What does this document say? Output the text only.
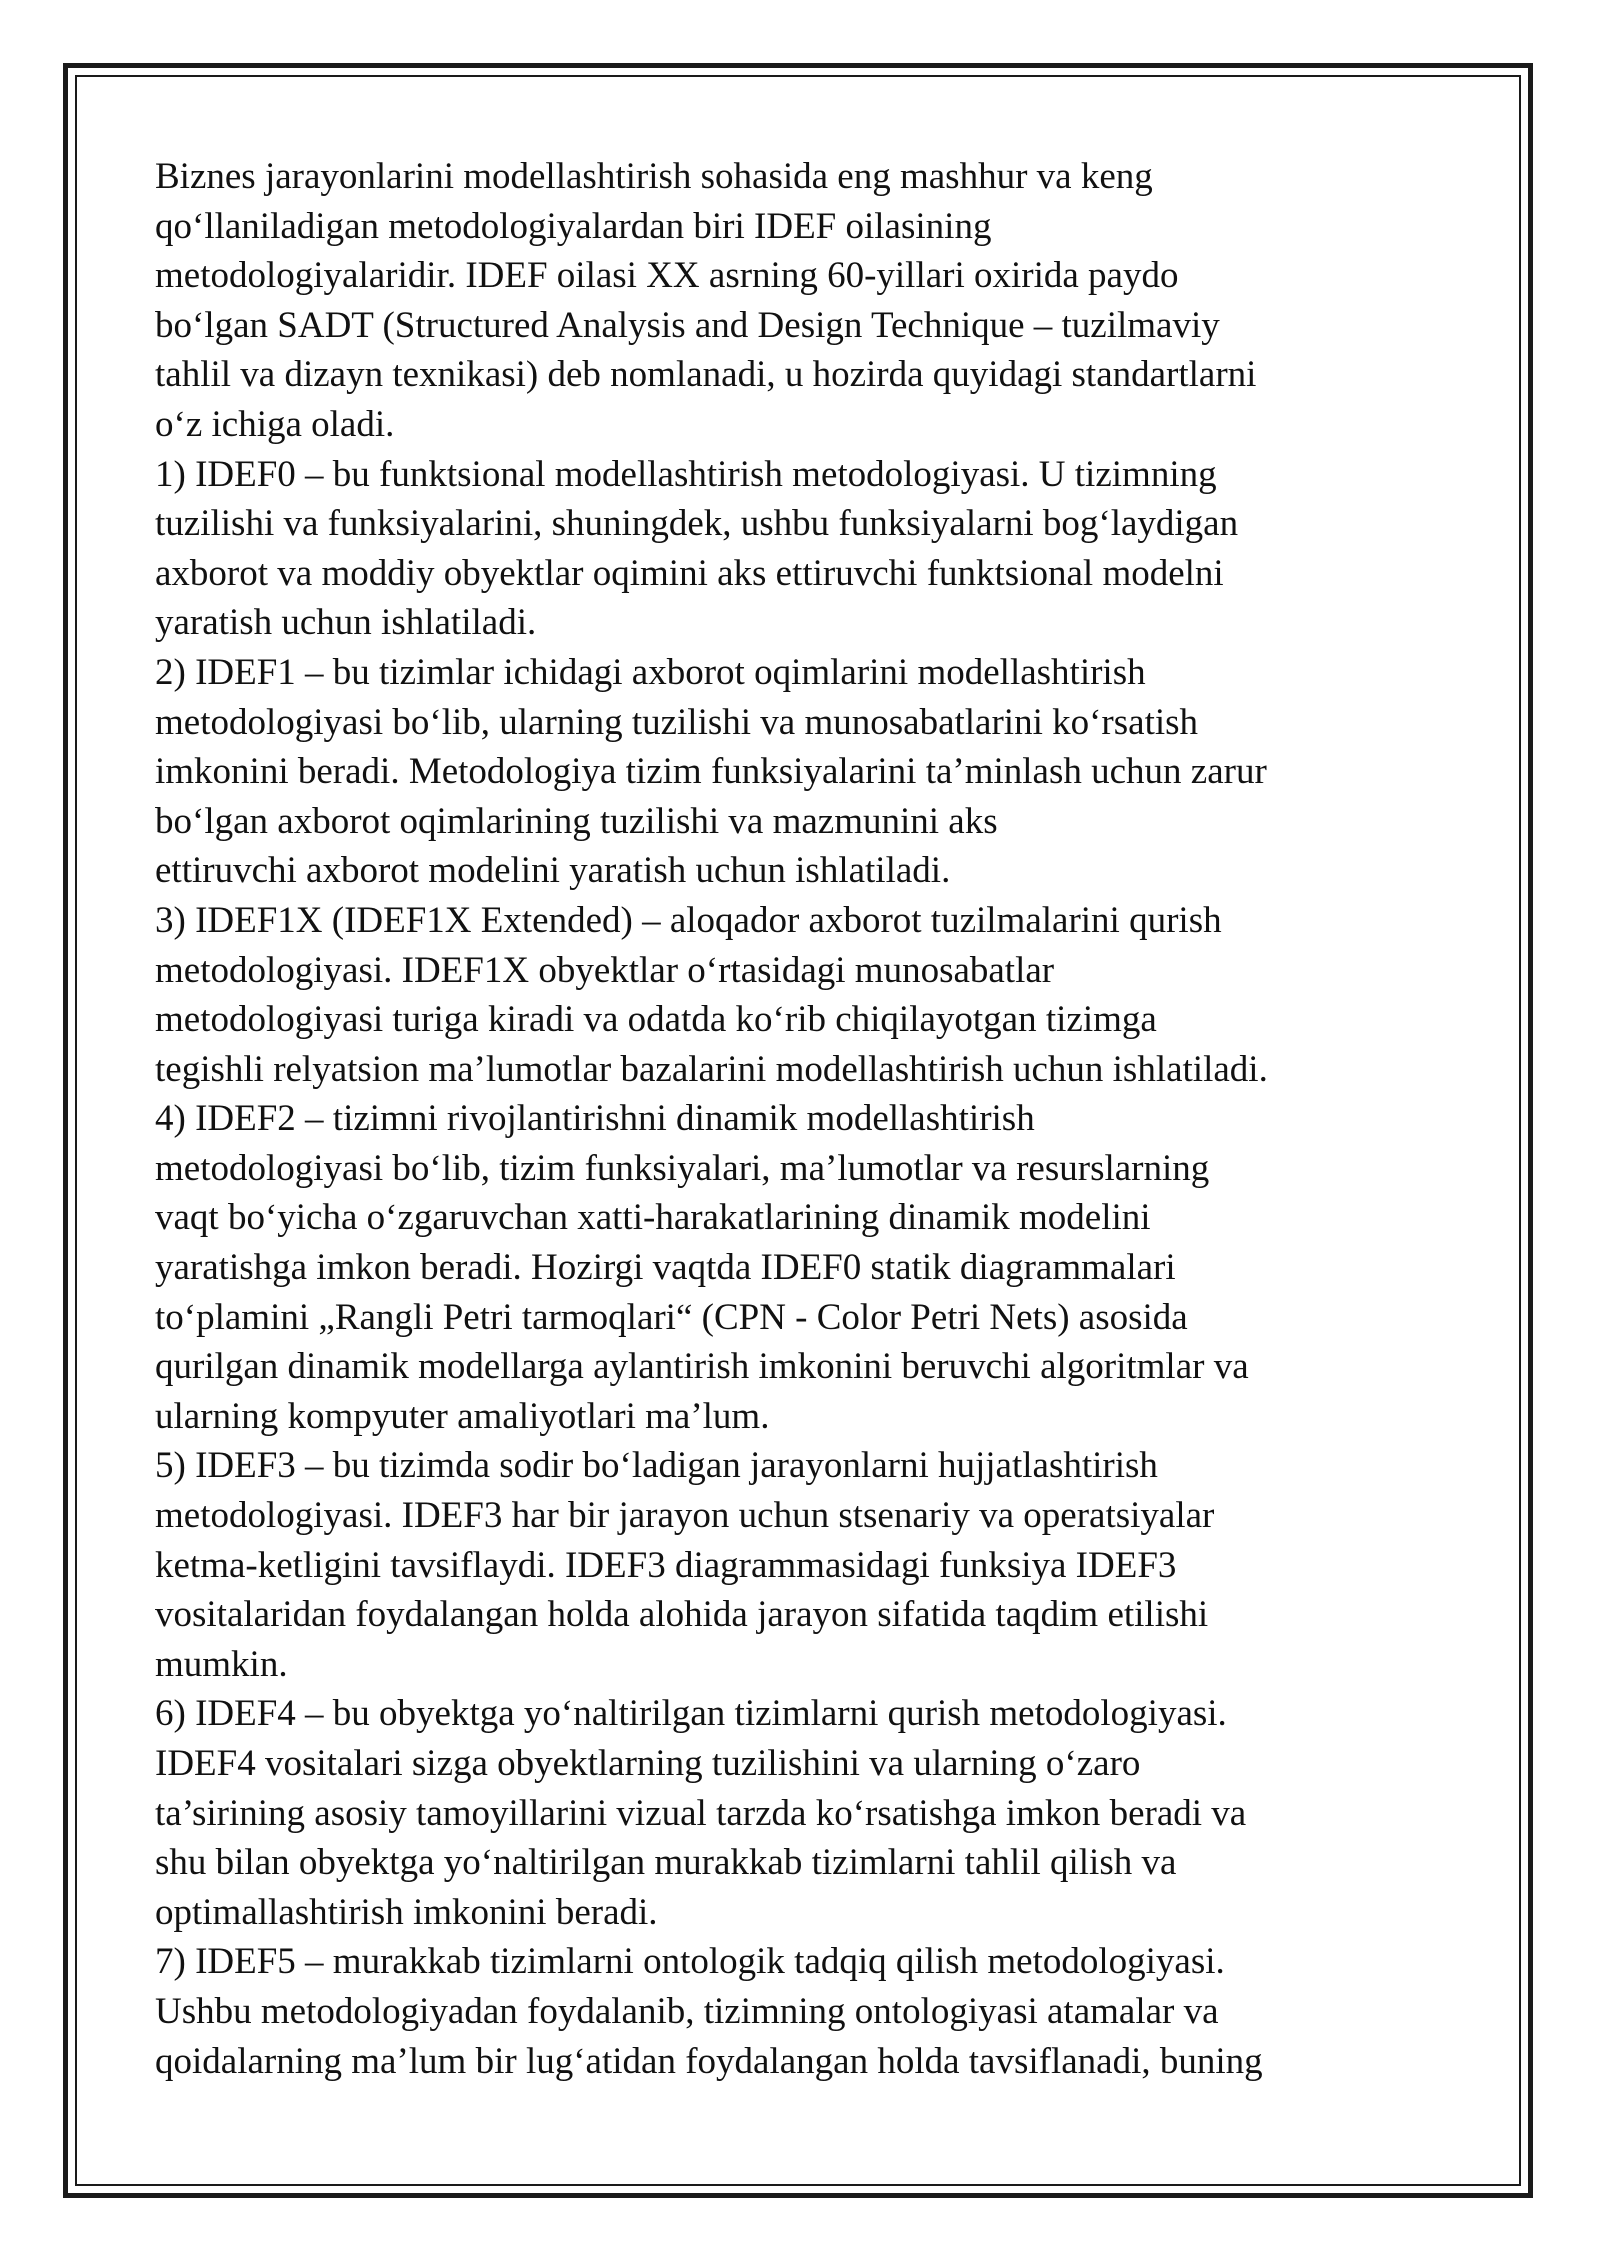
Biznes jarayonlarini modellashtirish sohasida eng mashhur va keng
qoʻllaniladigan metodologiyalardan biri IDEF oilasining
metodologiyalaridir. IDEF oilasi XX asrning 60-yillari oxirida paydo
boʻlgan SADT (Structured Analysis and Design Technique – tuzilmaviy
tahlil va dizayn texnikasi) deb nomlanadi, u hozirda quyidagi standartlarni
oʻz ichiga oladi.
1) IDEF0 – bu funktsional modellashtirish metodologiyasi. U tizimning
tuzilishi va funksiyalarini, shuningdek, ushbu funksiyalarni bogʻlaydigan
axborot va moddiy obyektlar oqimini aks ettiruvchi funktsional modelni
yaratish uchun ishlatiladi.
2) IDEF1 – bu tizimlar ichidagi axborot oqimlarini modellashtirish
metodologiyasi boʻlib, ularning tuzilishi va munosabatlarini koʻrsatish
imkonini beradi. Metodologiya tizim funksiyalarini ta’minlash uchun zarur
boʻlgan axborot oqimlarining tuzilishi va mazmunini aks
ettiruvchi axborot modelini yaratish uchun ishlatiladi.
3) IDEF1X (IDEF1X Extended) – aloqador axborot tuzilmalarini qurish
metodologiyasi. IDEF1X obyektlar oʻrtasidagi munosabatlar
metodologiyasi turiga kiradi va odatda koʻrib chiqilayotgan tizimga
tegishli relyatsion ma’lumotlar bazalarini modellashtirish uchun ishlatiladi.
4) IDEF2 – tizimni rivojlantirishni dinamik modellashtirish
metodologiyasi boʻlib, tizim funksiyalari, ma’lumotlar va resurslarning
vaqt boʻyicha oʻzgaruvchan xatti-harakatlarining dinamik modelini
yaratishga imkon beradi. Hozirgi vaqtda IDEF0 statik diagrammalari
toʻplamini „Rangli Petri tarmoqlari“ (CPN - Color Petri Nets) asosida
qurilgan dinamik modellarga aylantirish imkonini beruvchi algoritmlar va
ularning kompyuter amaliyotlari ma’lum.
5) IDEF3 – bu tizimda sodir boʻladigan jarayonlarni hujjatlashtirish
metodologiyasi. IDEF3 har bir jarayon uchun stsenariy va operatsiyalar
ketma-ketligini tavsiflaydi. IDEF3 diagrammasidagi funksiya IDEF3
vositalaridan foydalangan holda alohida jarayon sifatida taqdim etilishi
mumkin.
6) IDEF4 – bu obyektga yoʻnaltirilgan tizimlarni qurish metodologiyasi.
IDEF4 vositalari sizga obyektlarning tuzilishini va ularning oʻzaro
ta’sirining asosiy tamoyillarini vizual tarzda koʻrsatishga imkon beradi va
shu bilan obyektga yoʻnaltirilgan murakkab tizimlarni tahlil qilish va
optimallashtirish imkonini beradi.
7) IDEF5 – murakkab tizimlarni ontologik tadqiq qilish metodologiyasi.
Ushbu metodologiyadan foydalanib, tizimning ontologiyasi atamalar va
qoidalarning ma’lum bir lugʻatidan foydalangan holda tavsiflanadi, buning
